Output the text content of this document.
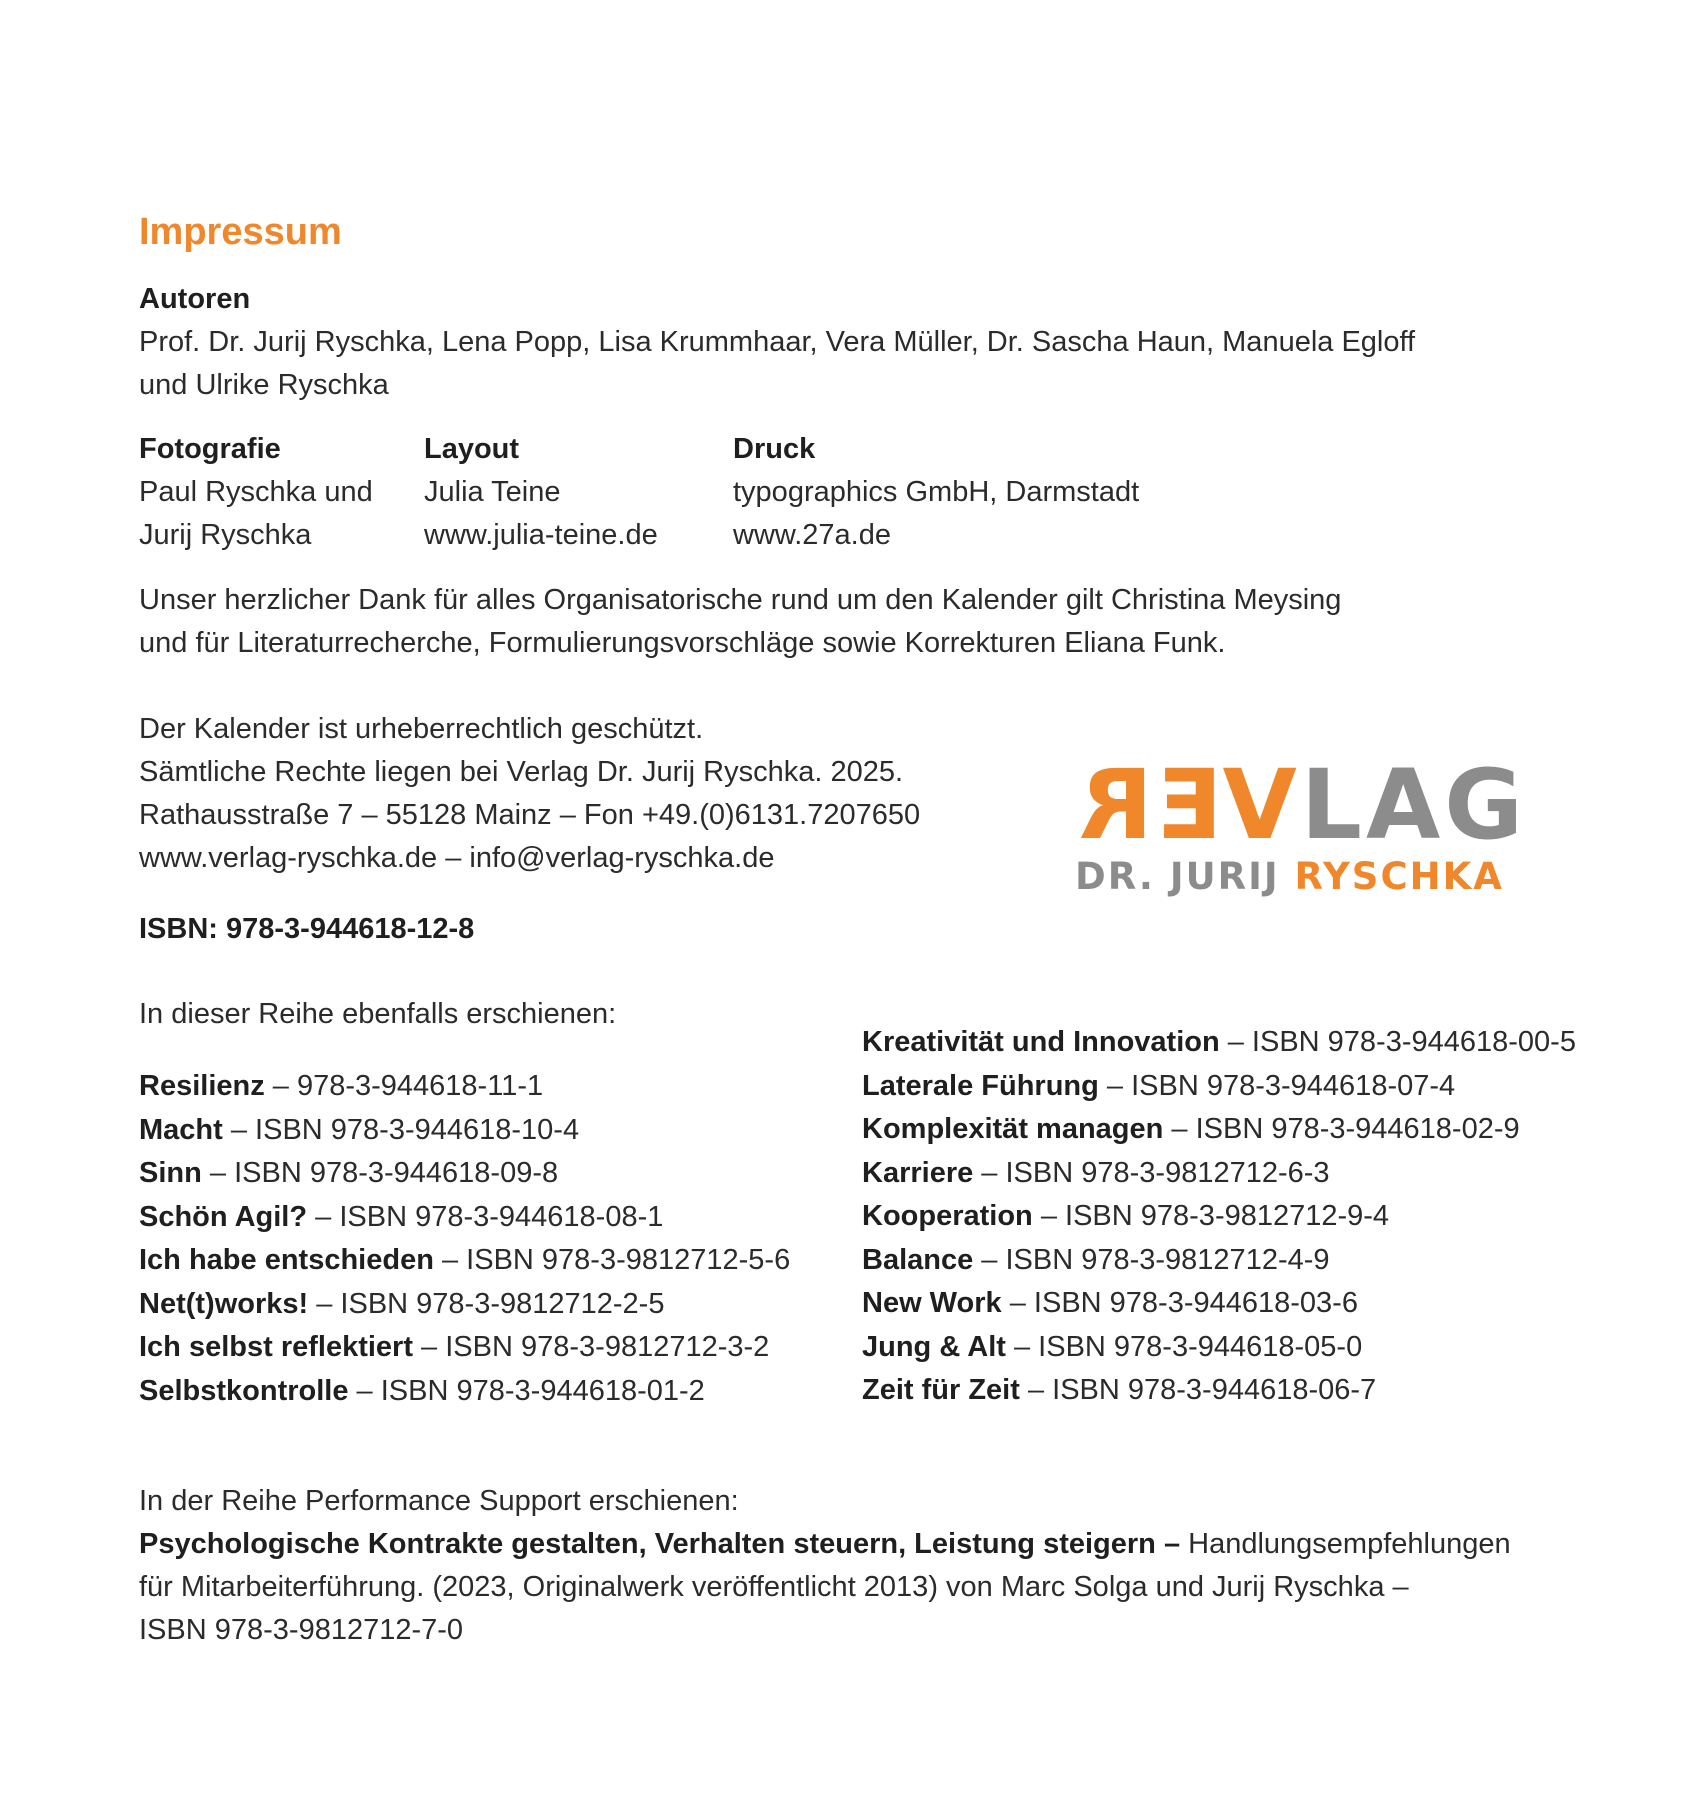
Impressum
Autoren
Prof. Dr. Jurij Ryschka, Lena Popp, Lisa Krummhaar, Vera Müller, Dr. Sascha Haun, Manuela Egloff
und Ulrike Ryschka
Fotografie
Paul Ryschka und
Jurij Ryschka
Layout
Julia Teine
www.julia-teine.de
Druck
typographics GmbH, Darmstadt
www.27a.de
Unser herzlicher Dank für alles Organisatorische rund um den Kalender gilt Christina Meysing
und für Literaturrecherche, Formulierungsvorschläge sowie Korrekturen Eliana Funk.
Der Kalender ist urheberrechtlich geschützt.
Sämtliche Rechte liegen bei Verlag Dr. Jurij Ryschka. 2025.
Rathausstraße 7 – 55128 Mainz – Fon +49.(0)6131.7207650
www.verlag-ryschka.de – info@verlag-ryschka.de	REVLAG
DR. JURIJ RYSCHKA
ISBN: 978-3-944618-12-8
In dieser Reihe ebenfalls erschienen:
Resilienz – 978-3-944618-11-1
Macht – ISBN 978-3-944618-10-4
Sinn – ISBN 978-3-944618-09-8
Schön Agil? – ISBN 978-3-944618-08-1
Ich habe entschieden – ISBN 978-3-9812712-5-6
Net(t)works! – ISBN 978-3-9812712-2-5
Ich selbst reflektiert – ISBN 978-3-9812712-3-2
Selbstkontrolle – ISBN 978-3-944618-01-2
Kreativität und Innovation – ISBN 978-3-944618-00-5
Laterale Führung – ISBN 978-3-944618-07-4
Komplexität managen – ISBN 978-3-944618-02-9
Karriere – ISBN 978-3-9812712-6-3
Kooperation – ISBN 978-3-9812712-9-4
Balance – ISBN 978-3-9812712-4-9
New Work – ISBN 978-3-944618-03-6
Jung & Alt – ISBN 978-3-944618-05-0
Zeit für Zeit – ISBN 978-3-944618-06-7
In der Reihe Performance Support erschienen:
Psychologische Kontrakte gestalten, Verhalten steuern, Leistung steigern – Handlungsempfehlungen
für Mitarbeiterführung. (2023, Originalwerk veröffentlicht 2013) von Marc Solga und Jurij Ryschka –
ISBN 978-3-9812712-7-0
